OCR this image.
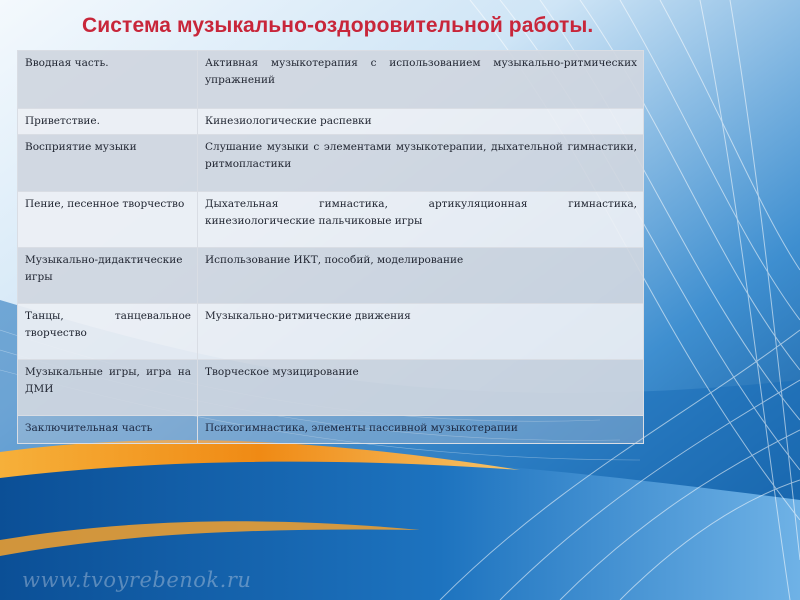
Система музыкально-оздоровительной работы.
Вводная часть.	Активная музыкотерапия с использованием музыкально-ритмических упражнений
Приветствие.	Кинезиологические распевки
Восприятие музыки	Слушание музыки с элементами музыкотерапии, дыхательной гимнастики, ритмопластики
Пение, песенное творчество	Дыхательная гимнастика, артикуляционная гимнастика, кинезиологические пальчиковые игры
Музыкально-дидактические игры	Использование ИКТ, пособий, моделирование
Танцы, танцевальное творчество	Музыкально-ритмические движения
Музыкальные игры, игра на ДМИ	Творческое музицирование
Заключительная часть	Психогимнастика, элементы пассивной музыкотерапии
www.tvoyrebenok.ru
